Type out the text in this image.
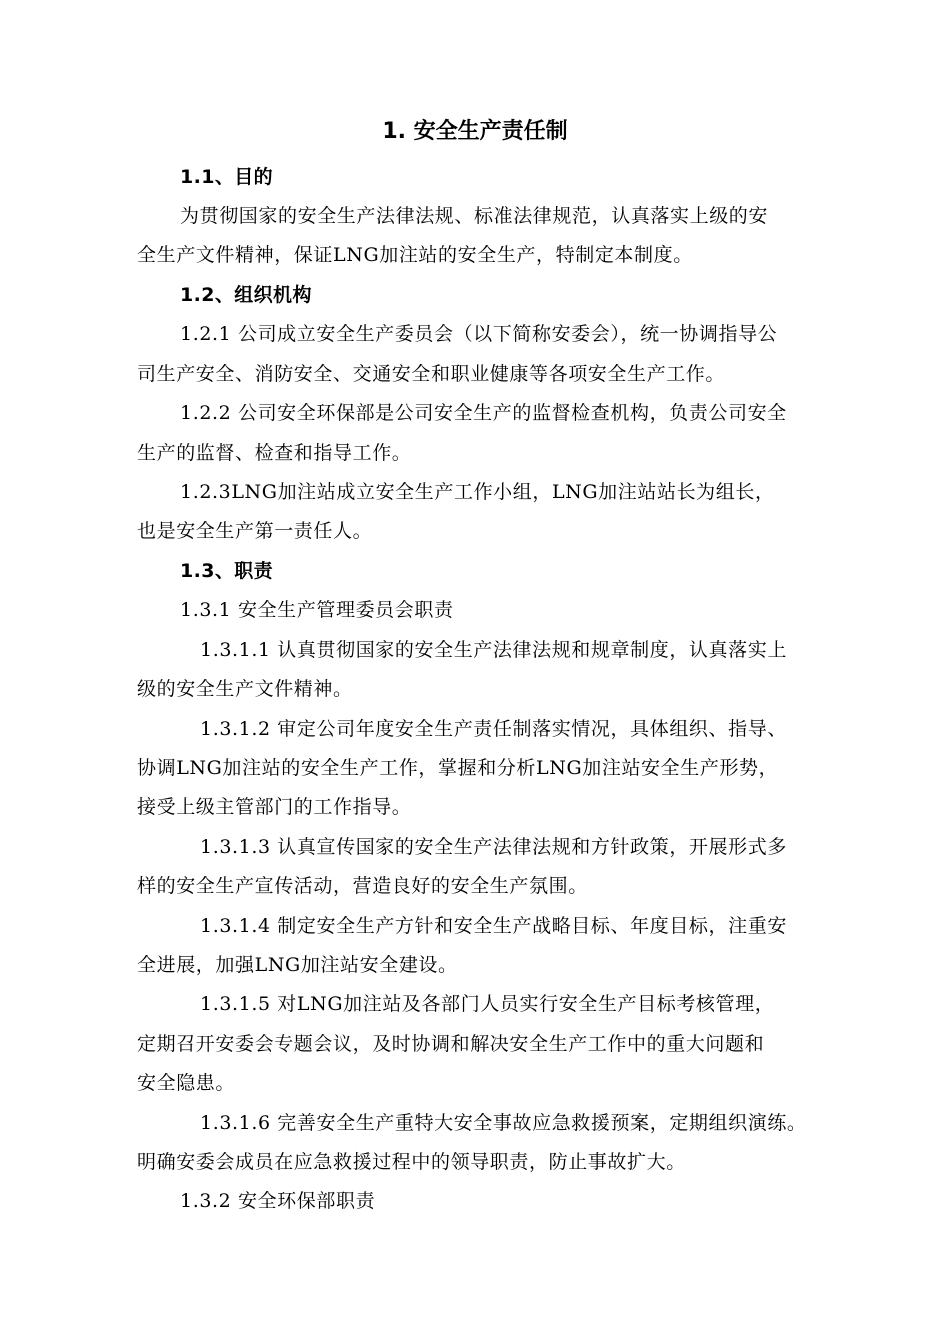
1. 安全生产责任制
1.1、目的
为贯彻国家的安全生产法律法规、标准法律规范，认真落实上级的安
全生产文件精神，保证LNG加注站的安全生产，特制定本制度。
1.2、组织机构
1.2.1 公司成立安全生产委员会（以下简称安委会），统一协调指导公
司生产安全、消防安全、交通安全和职业健康等各项安全生产工作。
1.2.2 公司安全环保部是公司安全生产的监督检查机构，负责公司安全
生产的监督、检查和指导工作。
1.2.3LNG加注站成立安全生产工作小组，LNG加注站站长为组长，
也是安全生产第一责任人。
1.3、职责
1.3.1 安全生产管理委员会职责
1.3.1.1 认真贯彻国家的安全生产法律法规和规章制度，认真落实上
级的安全生产文件精神。
1.3.1.2 审定公司年度安全生产责任制落实情况，具体组织、指导、
协调LNG加注站的安全生产工作，掌握和分析LNG加注站安全生产形势，
接受上级主管部门的工作指导。
1.3.1.3 认真宣传国家的安全生产法律法规和方针政策，开展形式多
样的安全生产宣传活动，营造良好的安全生产氛围。
1.3.1.4 制定安全生产方针和安全生产战略目标、年度目标，注重安
全进展，加强LNG加注站安全建设。
1.3.1.5 对LNG加注站及各部门人员实行安全生产目标考核管理，
定期召开安委会专题会议，及时协调和解决安全生产工作中的重大问题和
安全隐患。
1.3.1.6 完善安全生产重特大安全事故应急救援预案，定期组织演练。
明确安委会成员在应急救援过程中的领导职责，防止事故扩大。
1.3.2 安全环保部职责
